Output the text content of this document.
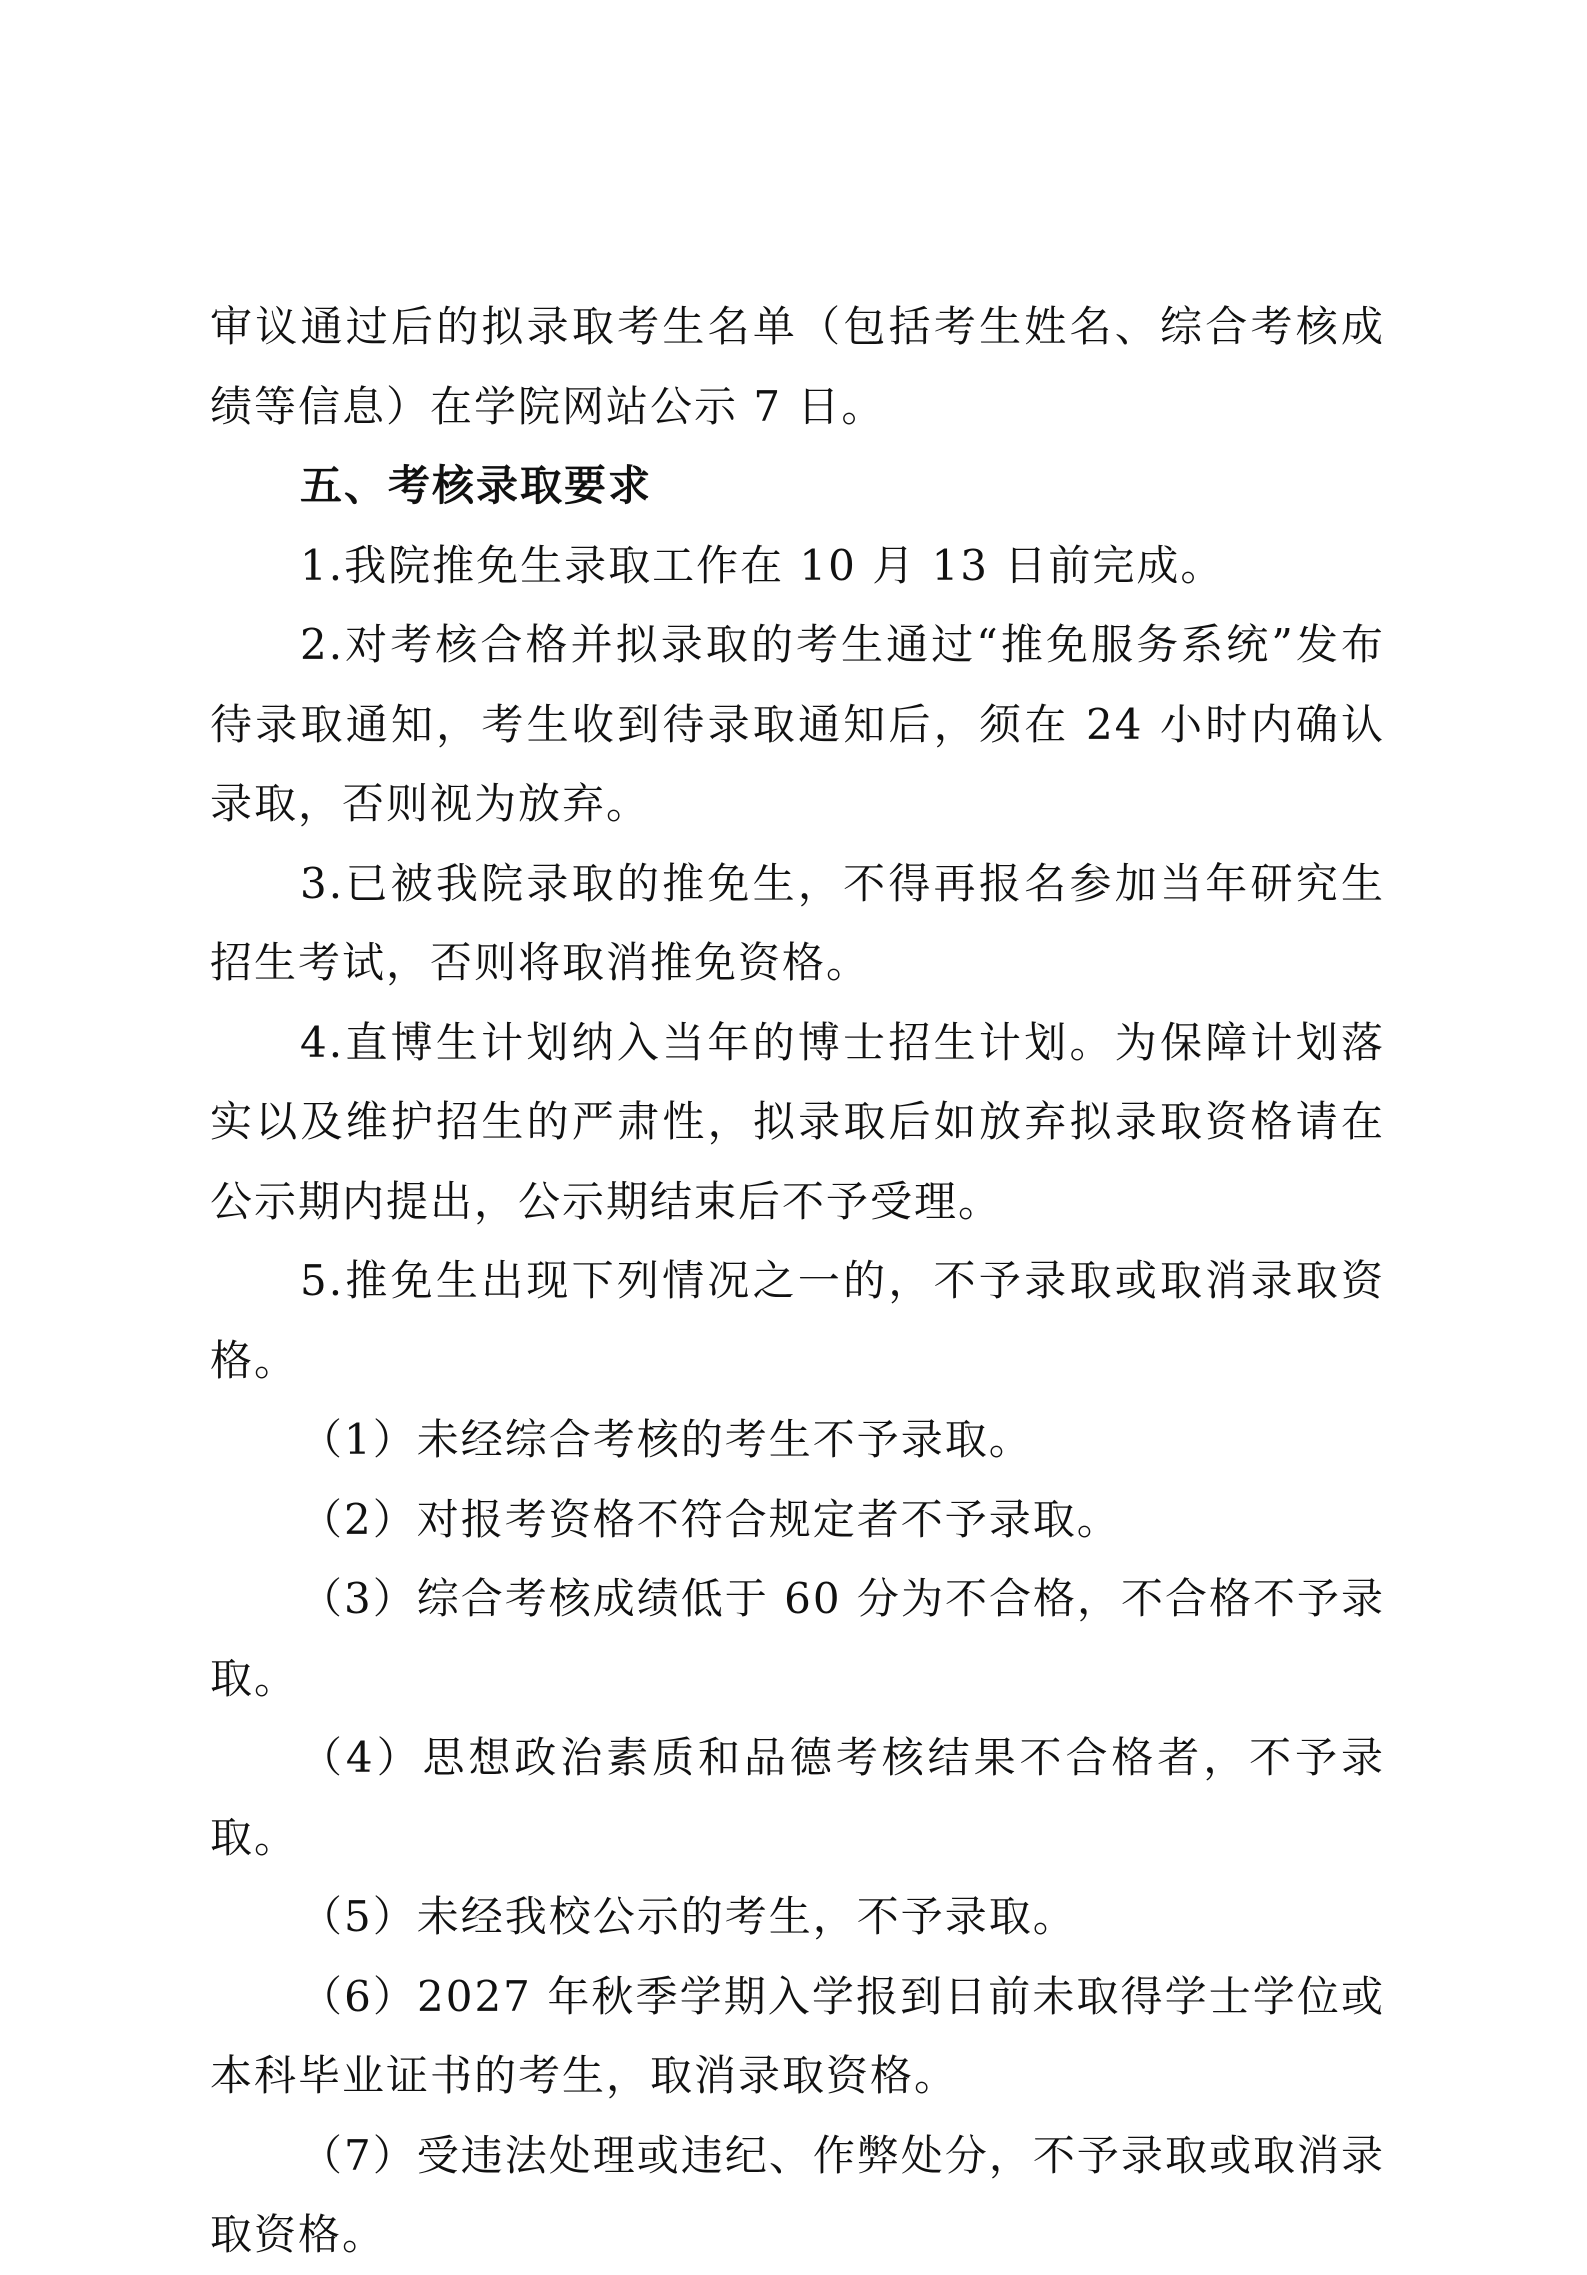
审议通过后的拟录取考生名单（包括考生姓名、综合考核成绩等信息）在学院网站公示 7 日。

五、考核录取要求

1.我院推免生录取工作在 10 月 13 日前完成。

2.对考核合格并拟录取的考生通过“推免服务系统”发布待录取通知，考生收到待录取通知后，须在 24 小时内确认录取，否则视为放弃。

3.已被我院录取的推免生，不得再报名参加当年研究生招生考试，否则将取消推免资格。

4.直博生计划纳入当年的博士招生计划。为保障计划落实以及维护招生的严肃性，拟录取后如放弃拟录取资格请在公示期内提出，公示期结束后不予受理。

5.推免生出现下列情况之一的，不予录取或取消录取资格。

（1）未经综合考核的考生不予录取。

（2）对报考资格不符合规定者不予录取。

（3）综合考核成绩低于 60 分为不合格，不合格不予录取。

（4）思想政治素质和品德考核结果不合格者，不予录取。

（5）未经我校公示的考生，不予录取。

（6）2027 年秋季学期入学报到日前未取得学士学位或本科毕业证书的考生，取消录取资格。

（7）受违法处理或违纪、作弊处分，不予录取或取消录取资格。
